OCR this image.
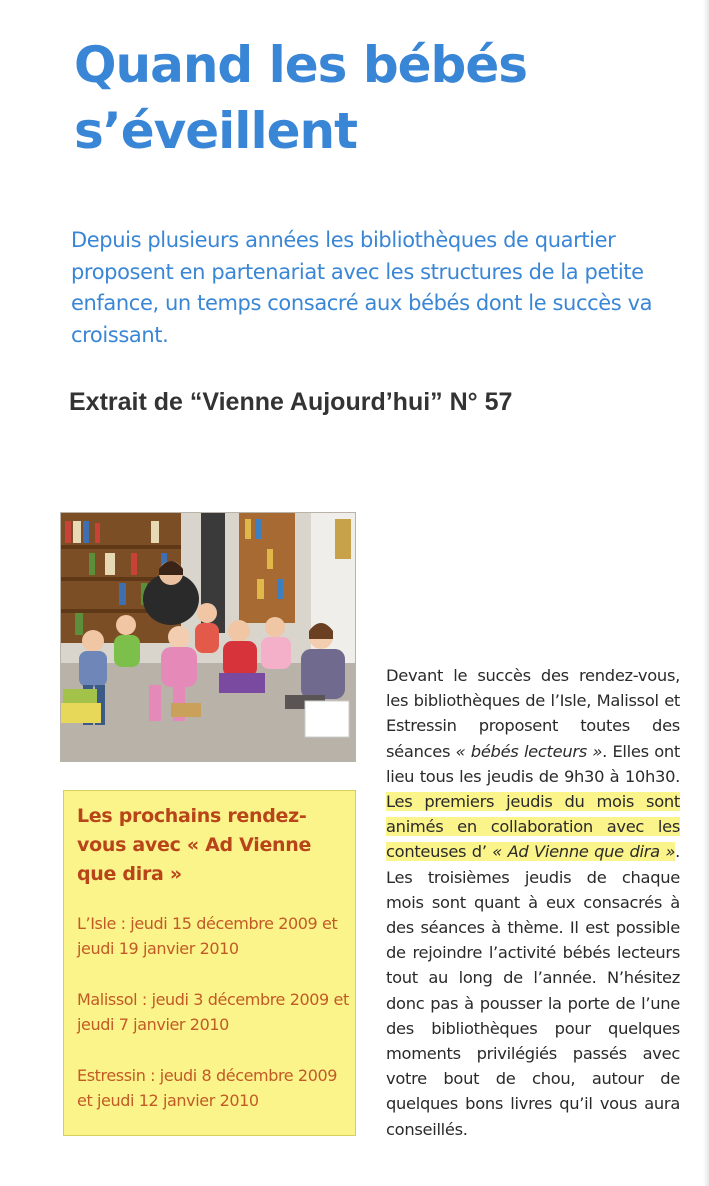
Quand les bébés
s’éveillent

Depuis plusieurs années les bibliothèques de quartier proposent en partenariat avec les structures de la petite enfance, un temps consacré aux bébés dont le succès va croissant.

Extrait de “Vienne Aujourd’hui” N° 57

Les prochains rendez-vous avec « Ad Vienne que dira »

L’Isle : jeudi 15 décembre 2009 et jeudi 19 janvier 2010

Malissol : jeudi 3 décembre 2009 et jeudi 7 janvier 2010

Estressin : jeudi 8 décembre 2009 et jeudi 12 janvier 2010

Devant le succès des rendez-vous, les bibliothèques de l’Isle, Malissol et Estressin proposent toutes des séances « bébés lecteurs ». Elles ont lieu tous les jeudis de 9h30 à 10h30. Les premiers jeudis du mois sont animés en collaboration avec les conteuses d’ « Ad Vienne que dira ». Les troisièmes jeudis de chaque mois sont quant à eux consacrés à des séances à thème. Il est possible de rejoindre l’activité bébés lecteurs tout au long de l’année. N’hésitez donc pas à pousser la porte de l’une des bibliothèques pour quelques moments privilégiés passés avec votre bout de chou, autour de quelques bons livres qu’il vous aura conseillés.
